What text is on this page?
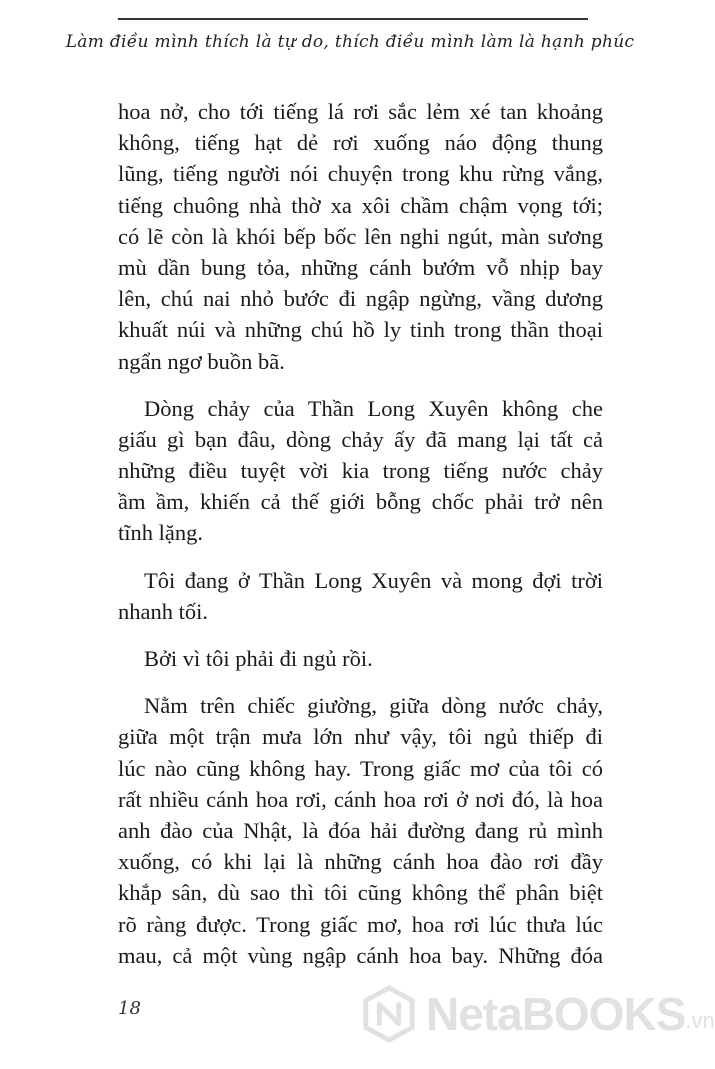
Làm điều mình thích là tự do, thích điều mình làm là hạnh phúc
hoa nở, cho tới tiếng lá rơi sắc lẻm xé tan khoảng
không, tiếng hạt dẻ rơi xuống náo động thung
lũng, tiếng người nói chuyện trong khu rừng vắng,
tiếng chuông nhà thờ xa xôi chầm chậm vọng tới;
có lẽ còn là khói bếp bốc lên nghi ngút, màn sương
mù dần bung tỏa, những cánh bướm vỗ nhịp bay
lên, chú nai nhỏ bước đi ngập ngừng, vầng dương
khuất núi và những chú hồ ly tinh trong thần thoại
ngẩn ngơ buồn bã.
Dòng chảy của Thần Long Xuyên không che
giấu gì bạn đâu, dòng chảy ấy đã mang lại tất cả
những điều tuyệt vời kia trong tiếng nước chảy
ầm ầm, khiến cả thế giới bỗng chốc phải trở nên
tĩnh lặng.
Tôi đang ở Thần Long Xuyên và mong đợi trời
nhanh tối.
Bởi vì tôi phải đi ngủ rồi.
Nằm trên chiếc giường, giữa dòng nước chảy,
giữa một trận mưa lớn như vậy, tôi ngủ thiếp đi
lúc nào cũng không hay. Trong giấc mơ của tôi có
rất nhiều cánh hoa rơi, cánh hoa rơi ở nơi đó, là hoa
anh đào của Nhật, là đóa hải đường đang rủ mình
xuống, có khi lại là những cánh hoa đào rơi đầy
khắp sân, dù sao thì tôi cũng không thể phân biệt
rõ ràng được. Trong giấc mơ, hoa rơi lúc thưa lúc
mau, cả một vùng ngập cánh hoa bay. Những đóa
18	NetaBOOKS .vn
